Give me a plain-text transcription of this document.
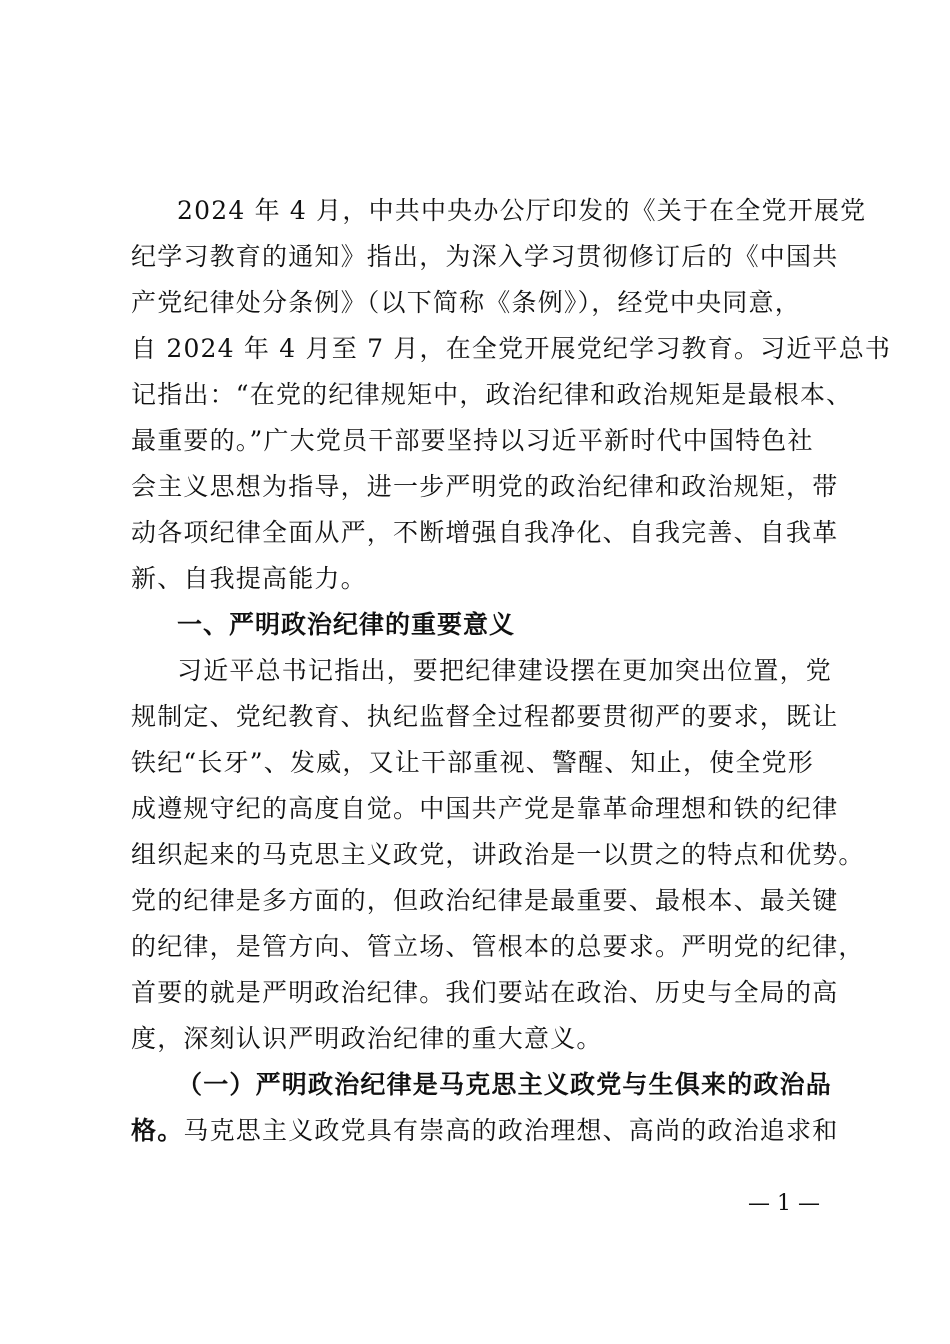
2024 年 4 月，中共中央办公厅印发的《关于在全党开展党
纪学习教育的通知》指出，为深入学习贯彻修订后的《中国共
产党纪律处分条例》（以下简称《条例》），经党中央同意，
自 2024 年 4 月至 7 月，在全党开展党纪学习教育。习近平总书
记指出：“在党的纪律规矩中，政治纪律和政治规矩是最根本、
最重要的。”广大党员干部要坚持以习近平新时代中国特色社
会主义思想为指导，进一步严明党的政治纪律和政治规矩，带
动各项纪律全面从严，不断增强自我净化、自我完善、自我革
新、自我提高能力。
一、严明政治纪律的重要意义
习近平总书记指出，要把纪律建设摆在更加突出位置，党
规制定、党纪教育、执纪监督全过程都要贯彻严的要求，既让
铁纪“长牙”、发威，又让干部重视、警醒、知止，使全党形
成遵规守纪的高度自觉。中国共产党是靠革命理想和铁的纪律
组织起来的马克思主义政党，讲政治是一以贯之的特点和优势。
党的纪律是多方面的，但政治纪律是最重要、最根本、最关键
的纪律，是管方向、管立场、管根本的总要求。严明党的纪律，
首要的就是严明政治纪律。我们要站在政治、历史与全局的高
度，深刻认识严明政治纪律的重大意义。
（一）严明政治纪律是马克思主义政党与生俱来的政治品
格。马克思主义政党具有崇高的政治理想、高尚的政治追求和
— 1 —
